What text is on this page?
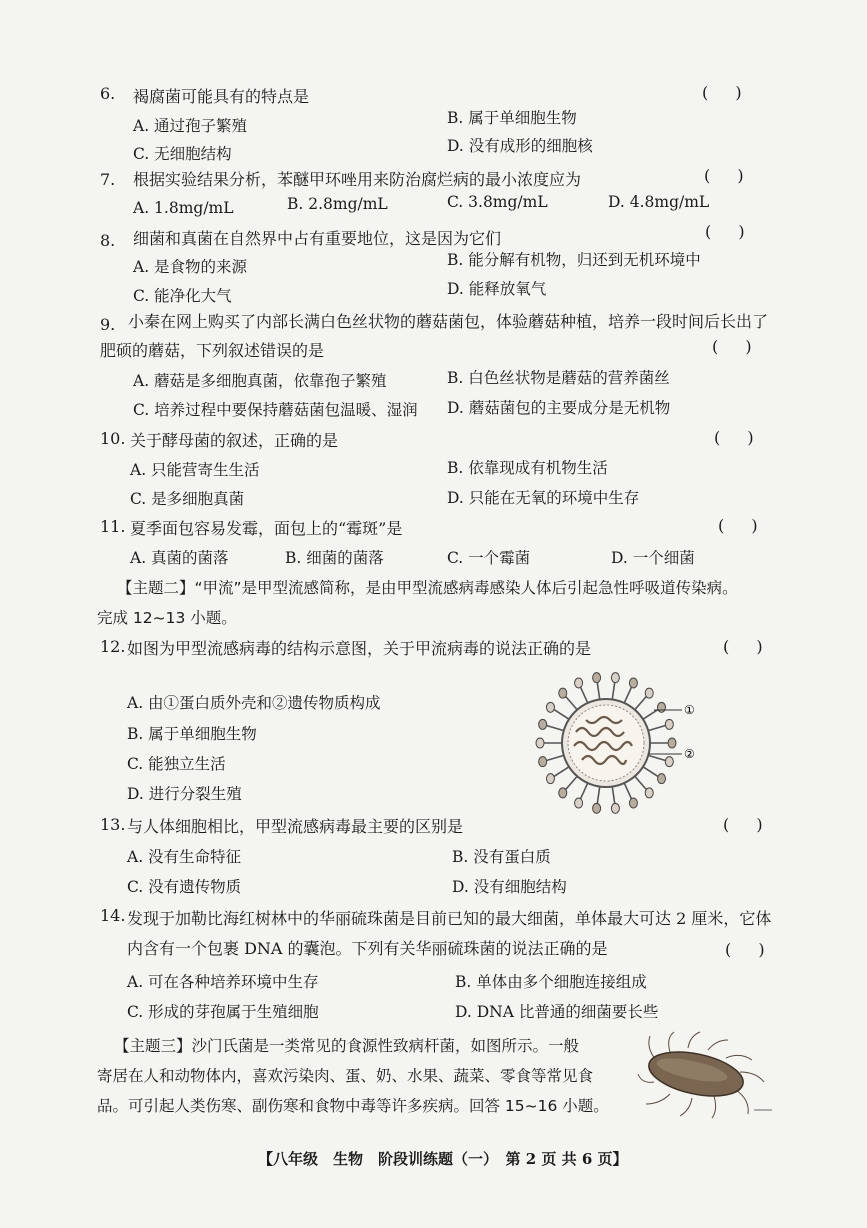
6. 褐腐菌可能具有的特点是	(　 )
A. 通过孢子繁殖	B. 属于单细胞生物
C. 无细胞结构	D. 没有成形的细胞核
7. 根据实验结果分析，苯醚甲环唑用来防治腐烂病的最小浓度应为	(　 )
A. 1.8mg/mL	B. 2.8mg/mL	C. 3.8mg/mL	D. 4.8mg/mL
8. 细菌和真菌在自然界中占有重要地位，这是因为它们	(　 )
A. 是食物的来源	B. 能分解有机物，归还到无机环境中
C. 能净化大气	D. 能释放氧气
9. 小秦在网上购买了内部长满白色丝状物的蘑菇菌包，体验蘑菇种植，培养一段时间后长出了
肥硕的蘑菇，下列叙述错误的是	(　 )
A. 蘑菇是多细胞真菌，依靠孢子繁殖	B. 白色丝状物是蘑菇的营养菌丝
C. 培养过程中要保持蘑菇菌包温暖、湿润 D. 蘑菇菌包的主要成分是无机物
10. 关于酵母菌的叙述，正确的是	(　 )
A. 只能营寄生生活	B. 依靠现成有机物生活
C. 是多细胞真菌	D. 只能在无氧的环境中生存
11. 夏季面包容易发霉，面包上的“霉斑”是	(　 )
A. 真菌的菌落	B. 细菌的菌落	C. 一个霉菌	D. 一个细菌
【主题二】“甲流”是甲型流感简称，是由甲型流感病毒感染人体后引起急性呼吸道传染病。
完成 12~13 小题。
12. 如图为甲型流感病毒的结构示意图，关于甲流病毒的说法正确的是	(　 )
A. 由①蛋白质外壳和②遗传物质构成
B. 属于单细胞生物
C. 能独立生活
D. 进行分裂生殖
①
②
13. 与人体细胞相比，甲型流感病毒最主要的区别是	(　 )
A. 没有生命特征	B. 没有蛋白质
C. 没有遗传物质	D. 没有细胞结构
14. 发现于加勒比海红树林中的华丽硫珠菌是目前已知的最大细菌，单体最大可达 2 厘米，它体
内含有一个包裹 DNA 的囊泡。下列有关华丽硫珠菌的说法正确的是	(　 )
A. 可在各种培养环境中生存	B. 单体由多个细胞连接组成
C. 形成的芽孢属于生殖细胞	D. DNA 比普通的细菌要长些
【主题三】沙门氏菌是一类常见的食源性致病杆菌，如图所示。一般
寄居在人和动物体内，喜欢污染肉、蛋、奶、水果、蔬菜、零食等常见食
品。可引起人类伤寒、副伤寒和食物中毒等许多疾病。回答 15~16 小题。
【八年级　生物　阶段训练题（一）　第 2 页 共 6 页】
